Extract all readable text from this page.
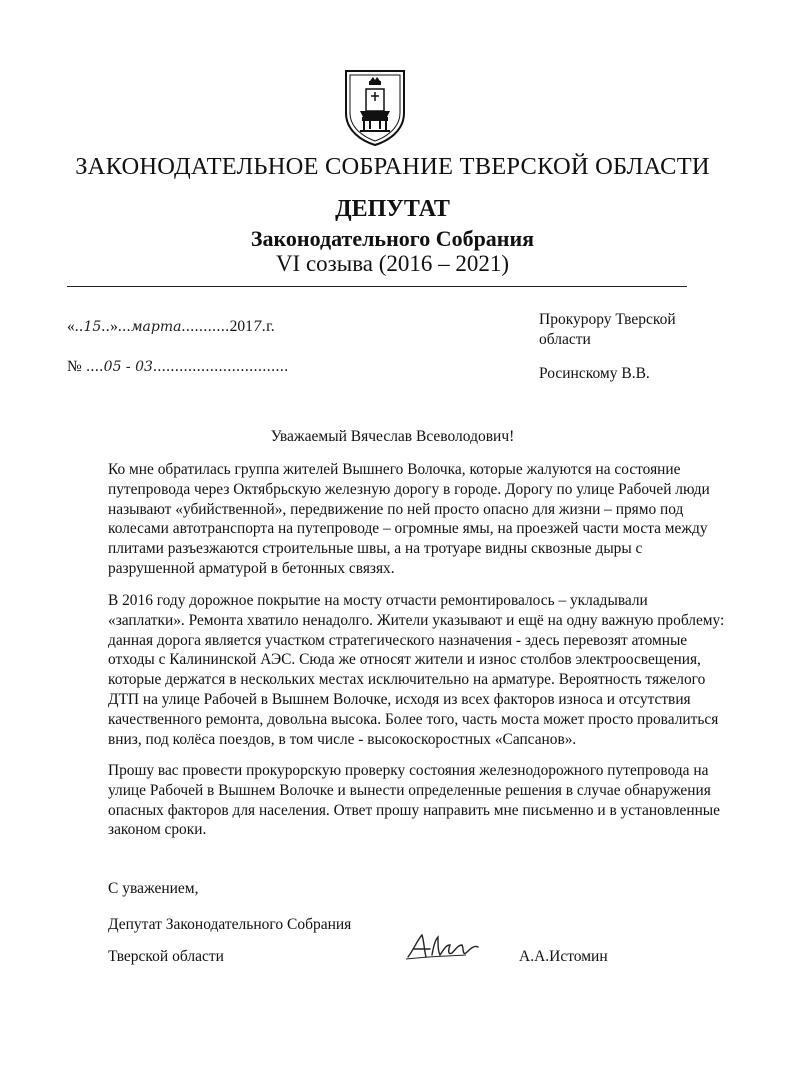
ЗАКОНОДАТЕЛЬНОЕ СОБРАНИЕ ТВЕРСКОЙ ОБЛАСТИ
ДЕПУТАТ
Законодательного Собрания
VI созыва (2016 – 2021)
«..15..»...марта...........2017.г.
№ ....05 - 03...............................
Прокурору Тверской
области
Росинскому В.В.
Уважаемый Вячеслав Всеволодович!
Ко мне обратилась группа жителей Вышнего Волочка, которые жалуются на состояние путепровода через Октябрьскую железную дорогу в городе. Дорогу по улице Рабочей люди называют «убийственной», передвижение по ней просто опасно для жизни – прямо под колесами автотранспорта на путепроводе – огромные ямы, на проезжей части моста между плитами разъезжаются строительные швы, а на тротуаре видны сквозные дыры с разрушенной арматурой в бетонных связях.
В 2016 году дорожное покрытие на мосту отчасти ремонтировалось – укладывали «заплатки». Ремонта хватило ненадолго. Жители указывают и ещё на одну важную проблему: данная дорога является участком стратегического назначения - здесь перевозят атомные отходы с Калининской АЭС. Сюда же относят жители и износ столбов электроосвещения, которые держатся в нескольких местах исключительно на арматуре. Вероятность тяжелого ДТП на улице Рабочей в Вышнем Волочке, исходя из всех факторов износа и отсутствия качественного ремонта, довольна высока. Более того, часть моста может просто провалиться вниз, под колёса поездов, в том числе - высокоскоростных «Сапсанов».
Прошу вас провести прокурорскую проверку состояния железнодорожного путепровода на улице Рабочей в Вышнем Волочке и вынести определенные решения в случае обнаружения опасных факторов для населения. Ответ прошу направить мне письменно и в установленные законом сроки.
С уважением,
Депутат Законодательного Собрания
Тверской области	А.А.Истомин
